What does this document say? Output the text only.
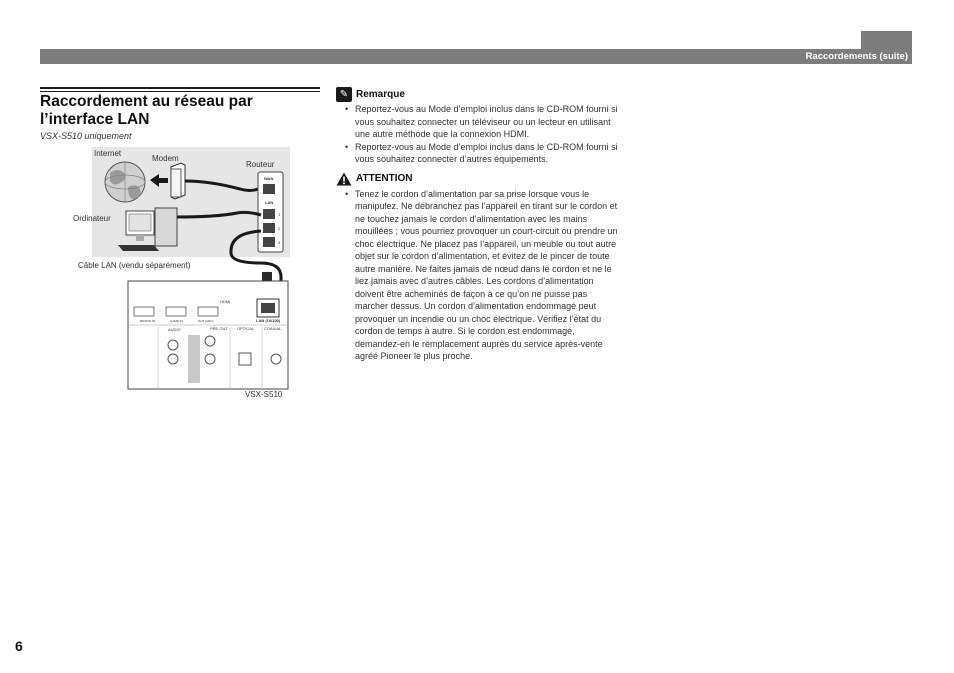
Raccordements (suite)
Raccordement au réseau par
l’interface LAN
VSX-S510 uniquement
Internet
Modem
Routeur
Ordinateur
Câble LAN (vendu séparément)
VSX-S510
WAN
LAN
1
2
3
HDMI
BD/DVD IN	GAME IN	OUT (ARC)	LAN (10/100)
AUDIO	PRE OUT OPTICAL COAXIAL
✎ Remarque
• Reportez-vous au Mode d’emploi inclus dans le CD-ROM fourni si vous souhaitez connecter un téléviseur ou un lecteur en utilisant une autre méthode que la connexion HDMI.
• Reportez-vous au Mode d’emploi inclus dans le CD-ROM fourni si vous souhaitez connecter d’autres équipements.
ATTENTION
• Tenez le cordon d’alimentation par sa prise lorsque vous le manipulez. Ne débranchez pas l’appareil en tirant sur le cordon et ne touchez jamais le cordon d’alimentation avec les mains mouillées ; vous pourriez provoquer un court-circuit ou prendre un choc électrique. Ne placez pas l’appareil, un meuble ou tout autre objet sur le cordon d’alimentation, et évitez de le pincer de toute autre manière. Ne faites jamais de nœud dans le cordon et ne le liez jamais avec d’autres câbles. Les cordons d’alimentation doivent être acheminés de façon à ce qu’on ne puisse pas marcher dessus. Un cordon d’alimentation endommagé peut provoquer un incendie ou un choc électrique. Vérifiez l’état du cordon de temps à autre. Si le cordon est endommagé, demandez-en le remplacement auprès du service après-vente agréé Pioneer le plus proche.
6
